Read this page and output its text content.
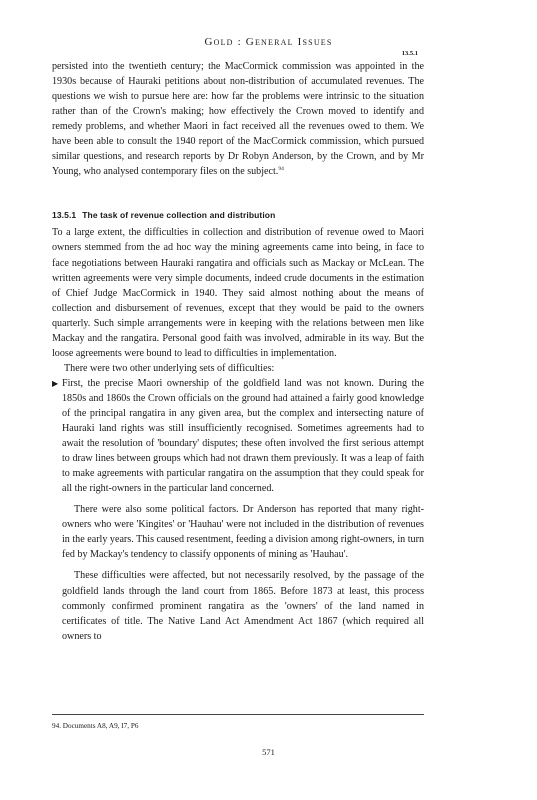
Gold : General Issues
13.5.1

persisted into the twentieth century; the MacCormick commission was appointed in the 1930s because of Hauraki petitions about non-distribution of accumulated revenues. The questions we wish to pursue here are: how far the problems were intrinsic to the situation rather than of the Crown's making; how effectively the Crown moved to identify and remedy problems, and whether Maori in fact received all the revenues owed to them. We have been able to consult the 1940 report of the MacCormick commission, which pursued similar questions, and research reports by Dr Robyn Anderson, by the Crown, and by Mr Young, who analysed contemporary files on the subject.$^{94}$

13.5.1 The task of revenue collection and distribution

To a large extent, the difficulties in collection and distribution of revenue owed to Maori owners stemmed from the ad hoc way the mining agreements came into being, in face to face negotiations between Hauraki rangatira and officials such as Mackay or McLean. The written agreements were very simple documents, indeed crude documents in the estimation of Chief Judge MacCormick in 1940. They said almost nothing about the means of collection and disbursement of revenues, except that they would be paid to the owners quarterly. Such simple arrangements were in keeping with the relations between men like Mackay and the rangatira. Personal good faith was involved, admirable in its way. But the loose agreements were bound to lead to difficulties in implementation.

There were two other underlying sets of difficulties:

▶ First, the precise Maori ownership of the goldfield land was not known. During the 1850s and 1860s the Crown officials on the ground had attained a fairly good knowledge of the principal rangatira in any given area, but the complex and intersecting nature of Hauraki land rights was still insufficiently recognised. Sometimes agreements had to await the resolution of 'boundary' disputes; these often involved the first serious attempt to draw lines between groups which had not drawn them previously. It was a leap of faith to make agreements with particular rangatira on the assumption that they could speak for all the right-owners in the particular land concerned.

There were also some political factors. Dr Anderson has reported that many right-owners who were 'Kingites' or 'Hauhau' were not included in the distribution of revenues in the early years. This caused resentment, feeding a division among right-owners, in turn fed by Mackay's tendency to classify opponents of mining as 'Hauhau'.

These difficulties were affected, but not necessarily resolved, by the passage of the goldfield lands through the land court from 1865. Before 1873 at least, this process commonly confirmed prominent rangatira as the 'owners' of the land named in certificates of title. The Native Land Act Amendment Act 1867 (which required all owners to

94. Documents A8, A9, I7, P6
571
